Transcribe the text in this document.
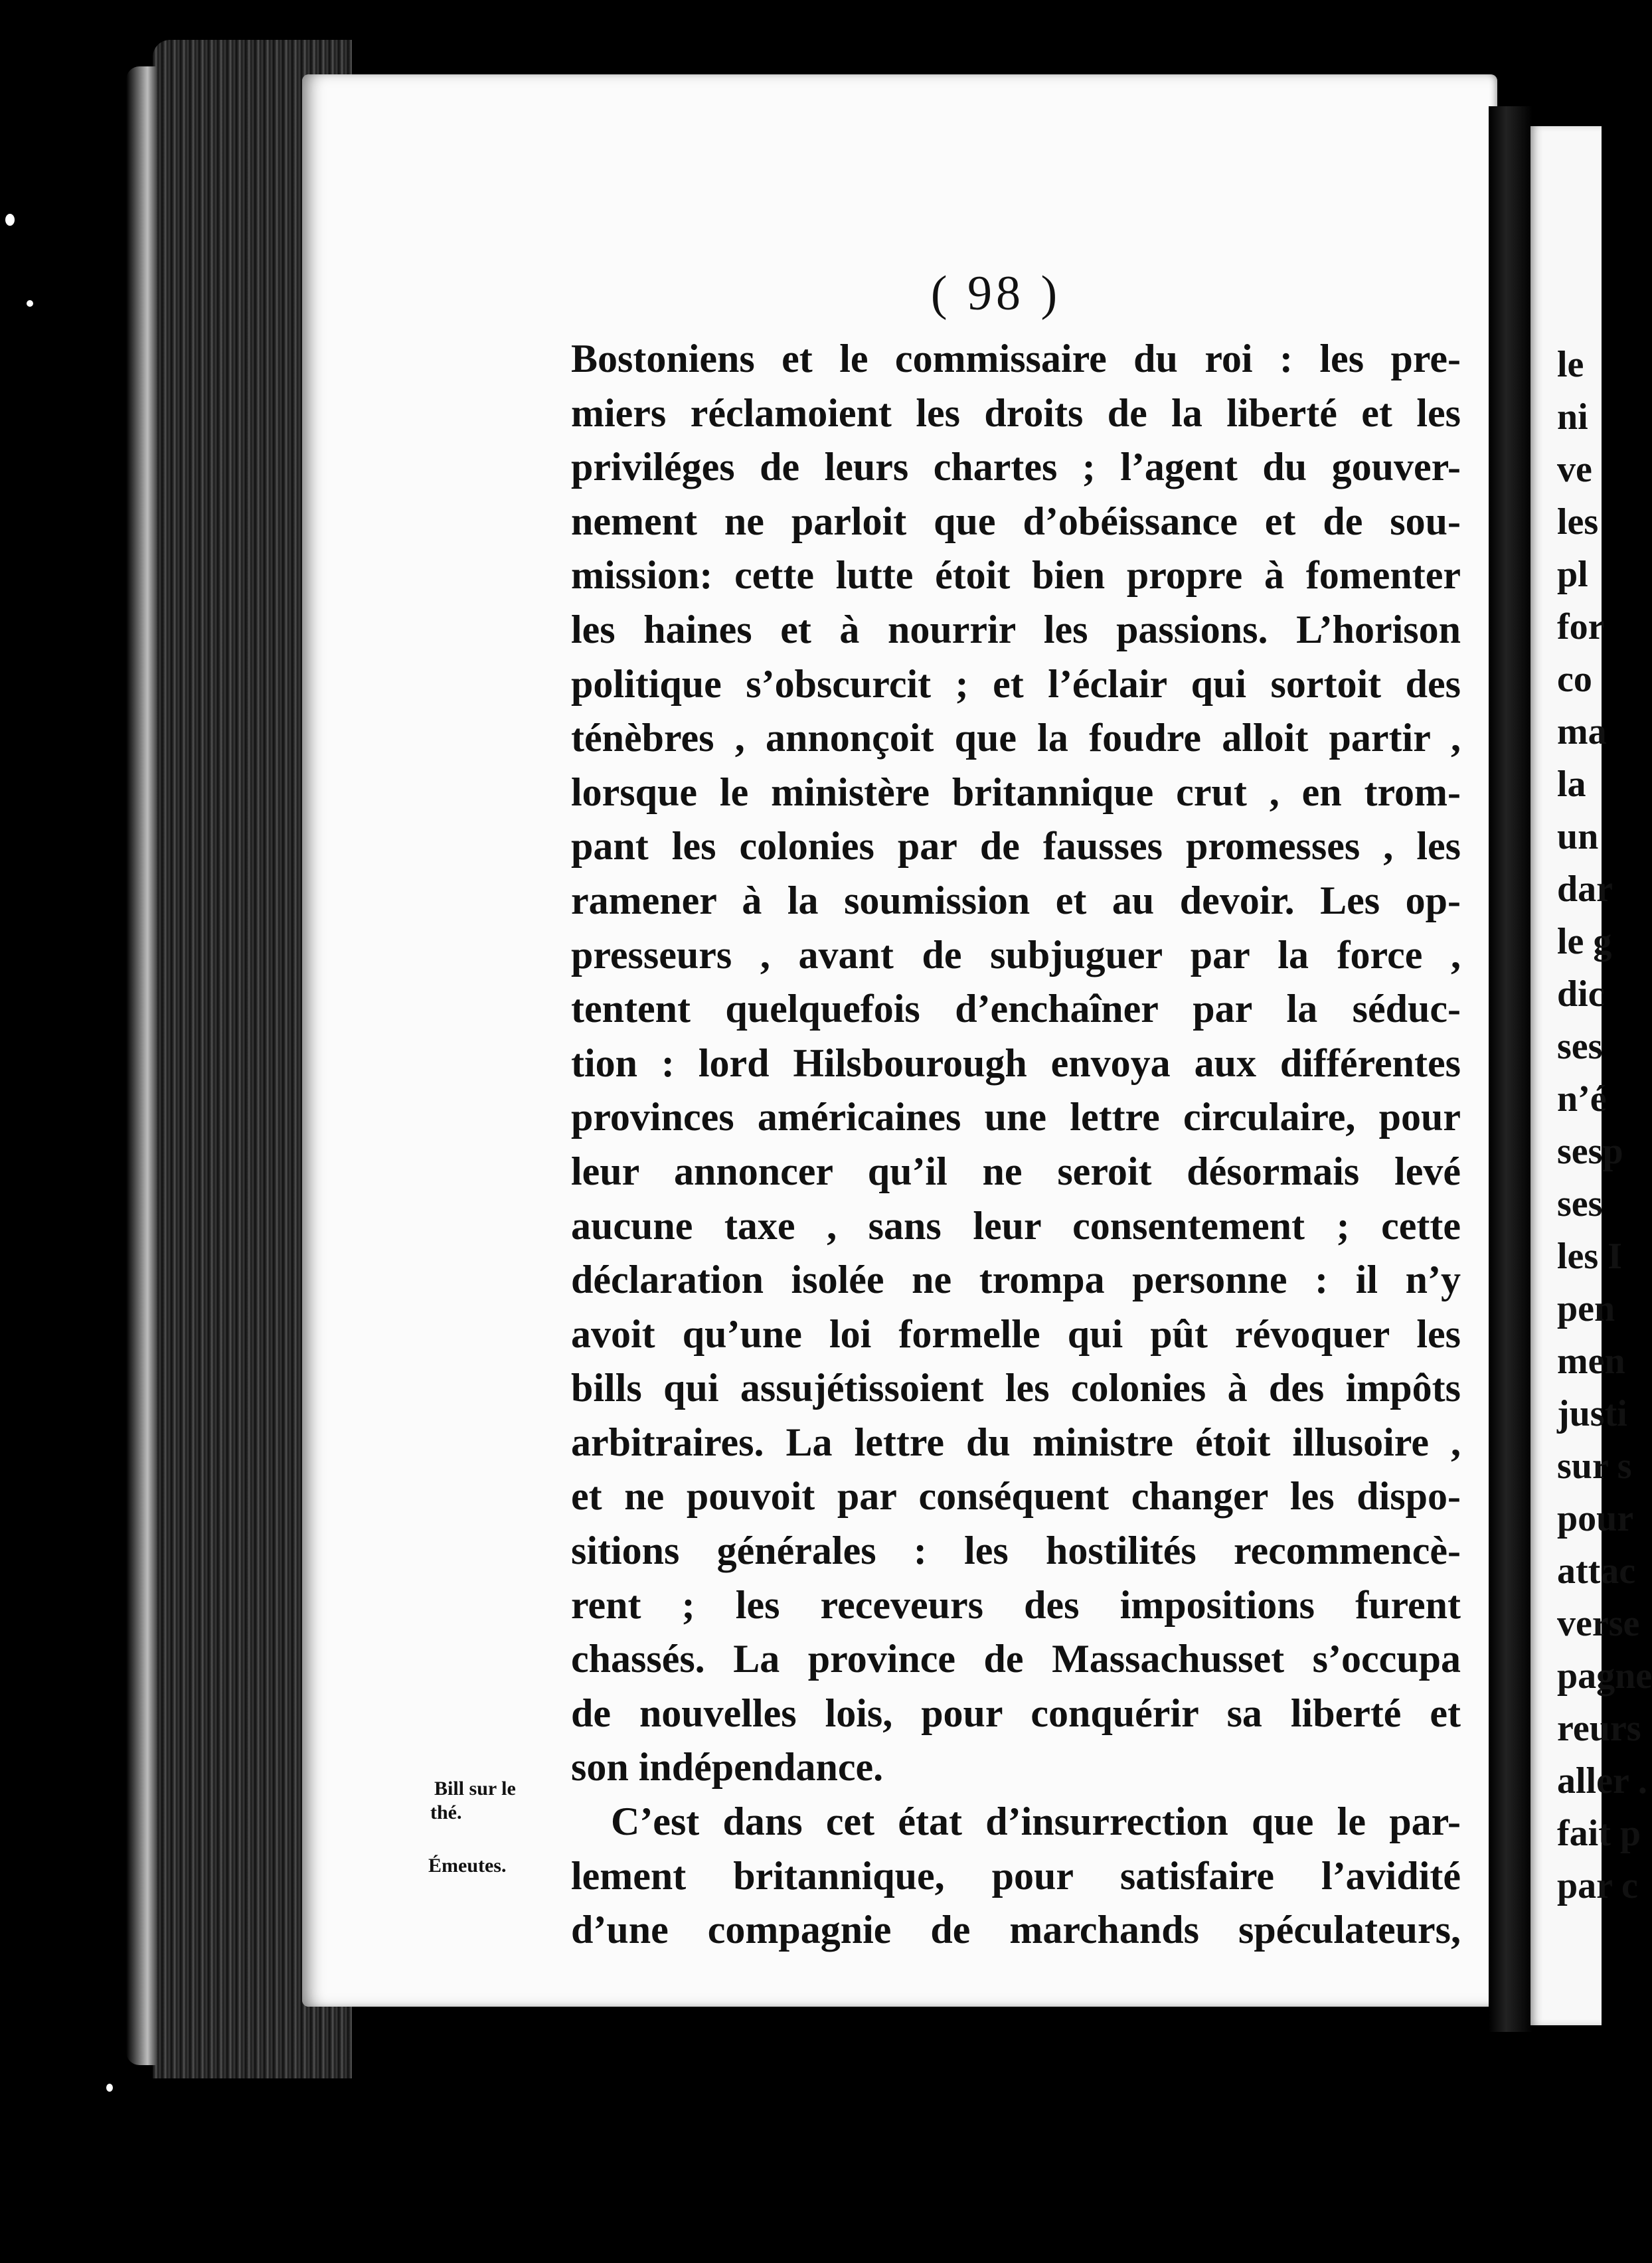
( 98 )
Bostoniens et le commissaire du roi : les pre-
miers réclamoient les droits de la liberté et les
priviléges de leurs chartes ; l’agent du gouver-
nement ne parloit que d’obéissance et de sou-
mission: cette lutte étoit bien propre à fomenter
les haines et à nourrir les passions. L’horison
politique s’obscurcit ; et l’éclair qui sortoit des
ténèbres , annonçoit que la foudre alloit partir ,
lorsque le ministère britannique crut , en trom-
pant les colonies par de fausses promesses , les
ramener à la soumission et au devoir. Les op-
presseurs , avant de subjuguer par la force ,
tentent quelquefois d’enchaîner par la séduc-
tion : lord Hilsbourough envoya aux différentes
provinces américaines une lettre circulaire, pour
leur annoncer qu’il ne seroit désormais levé
aucune taxe , sans leur consentement ; cette
déclaration isolée ne trompa personne : il n’y
avoit qu’une loi formelle qui pût révoquer les
bills qui assujétissoient les colonies à des impôts
arbitraires. La lettre du ministre étoit illusoire ,
et ne pouvoit par conséquent changer les dispo-
sitions générales : les hostilités recommencè-
rent ; les receveurs des impositions furent
chassés. La province de Massachusset s’occupa
de nouvelles lois, pour conquérir sa liberté et
son indépendance.
C’est dans cet état d’insurrection que le par-
lement britannique, pour satisfaire l’avidité
d’une compagnie de marchands spéculateurs,
Bill sur le
thé.
Émeutes.
le
ni
ve
les
pl
for
co
ma
la
un
dar
le g
dic
ses
n’é
sesp
ses
les I
pen
men
justi
sur s
pour
attac
verse
pagne
reurs
aller .
fait p
par c
